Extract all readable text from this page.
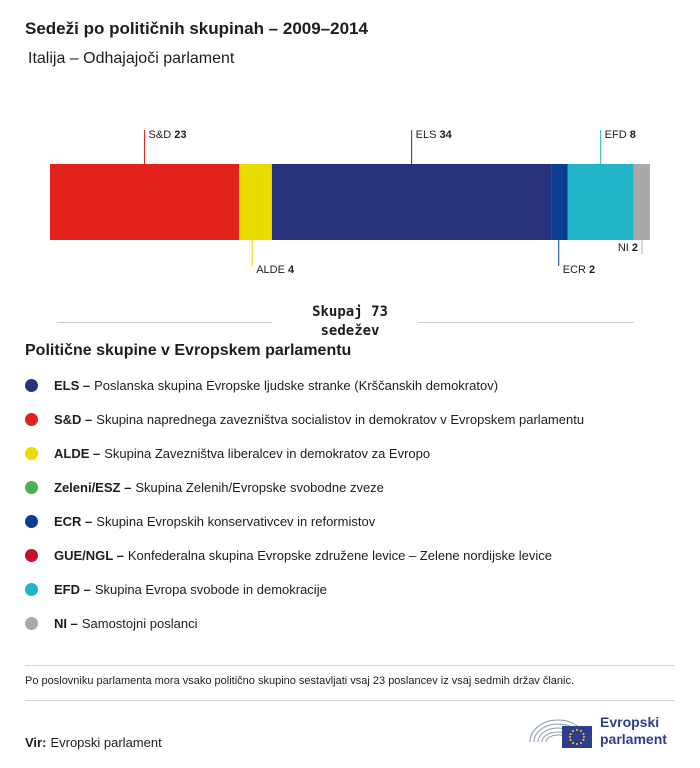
Sedeži po političnih skupinah – 2009–2014
Italija – Odhajajoči parlament
S&D 23
ALDE 4
ELS 34
ECR 2
EFD 8
NI 2
Skupaj 73 sedežev
Politične skupine v Evropskem parlamentu
ELS – Poslanska skupina Evropske ljudske stranke (Krščanskih demokratov)
S&D – Skupina naprednega zavezništva socialistov in demokratov v Evropskem parlamentu
ALDE – Skupina Zavezništva liberalcev in demokratov za Evropo
Zeleni/ESZ – Skupina Zelenih/Evropske svobodne zveze
ECR – Skupina Evropskih konservativcev in reformistov
GUE/NGL – Konfederalna skupina Evropske združene levice – Zelene nordijske levice
EFD – Skupina Evropa svobode in demokracije
NI – Samostojni poslanci
Po poslovniku parlamenta mora vsako politično skupino sestavljati vsaj 23 poslancev iz vsaj sedmih držav članic.
Vir: Evropski parlament
Evropski
parlament
